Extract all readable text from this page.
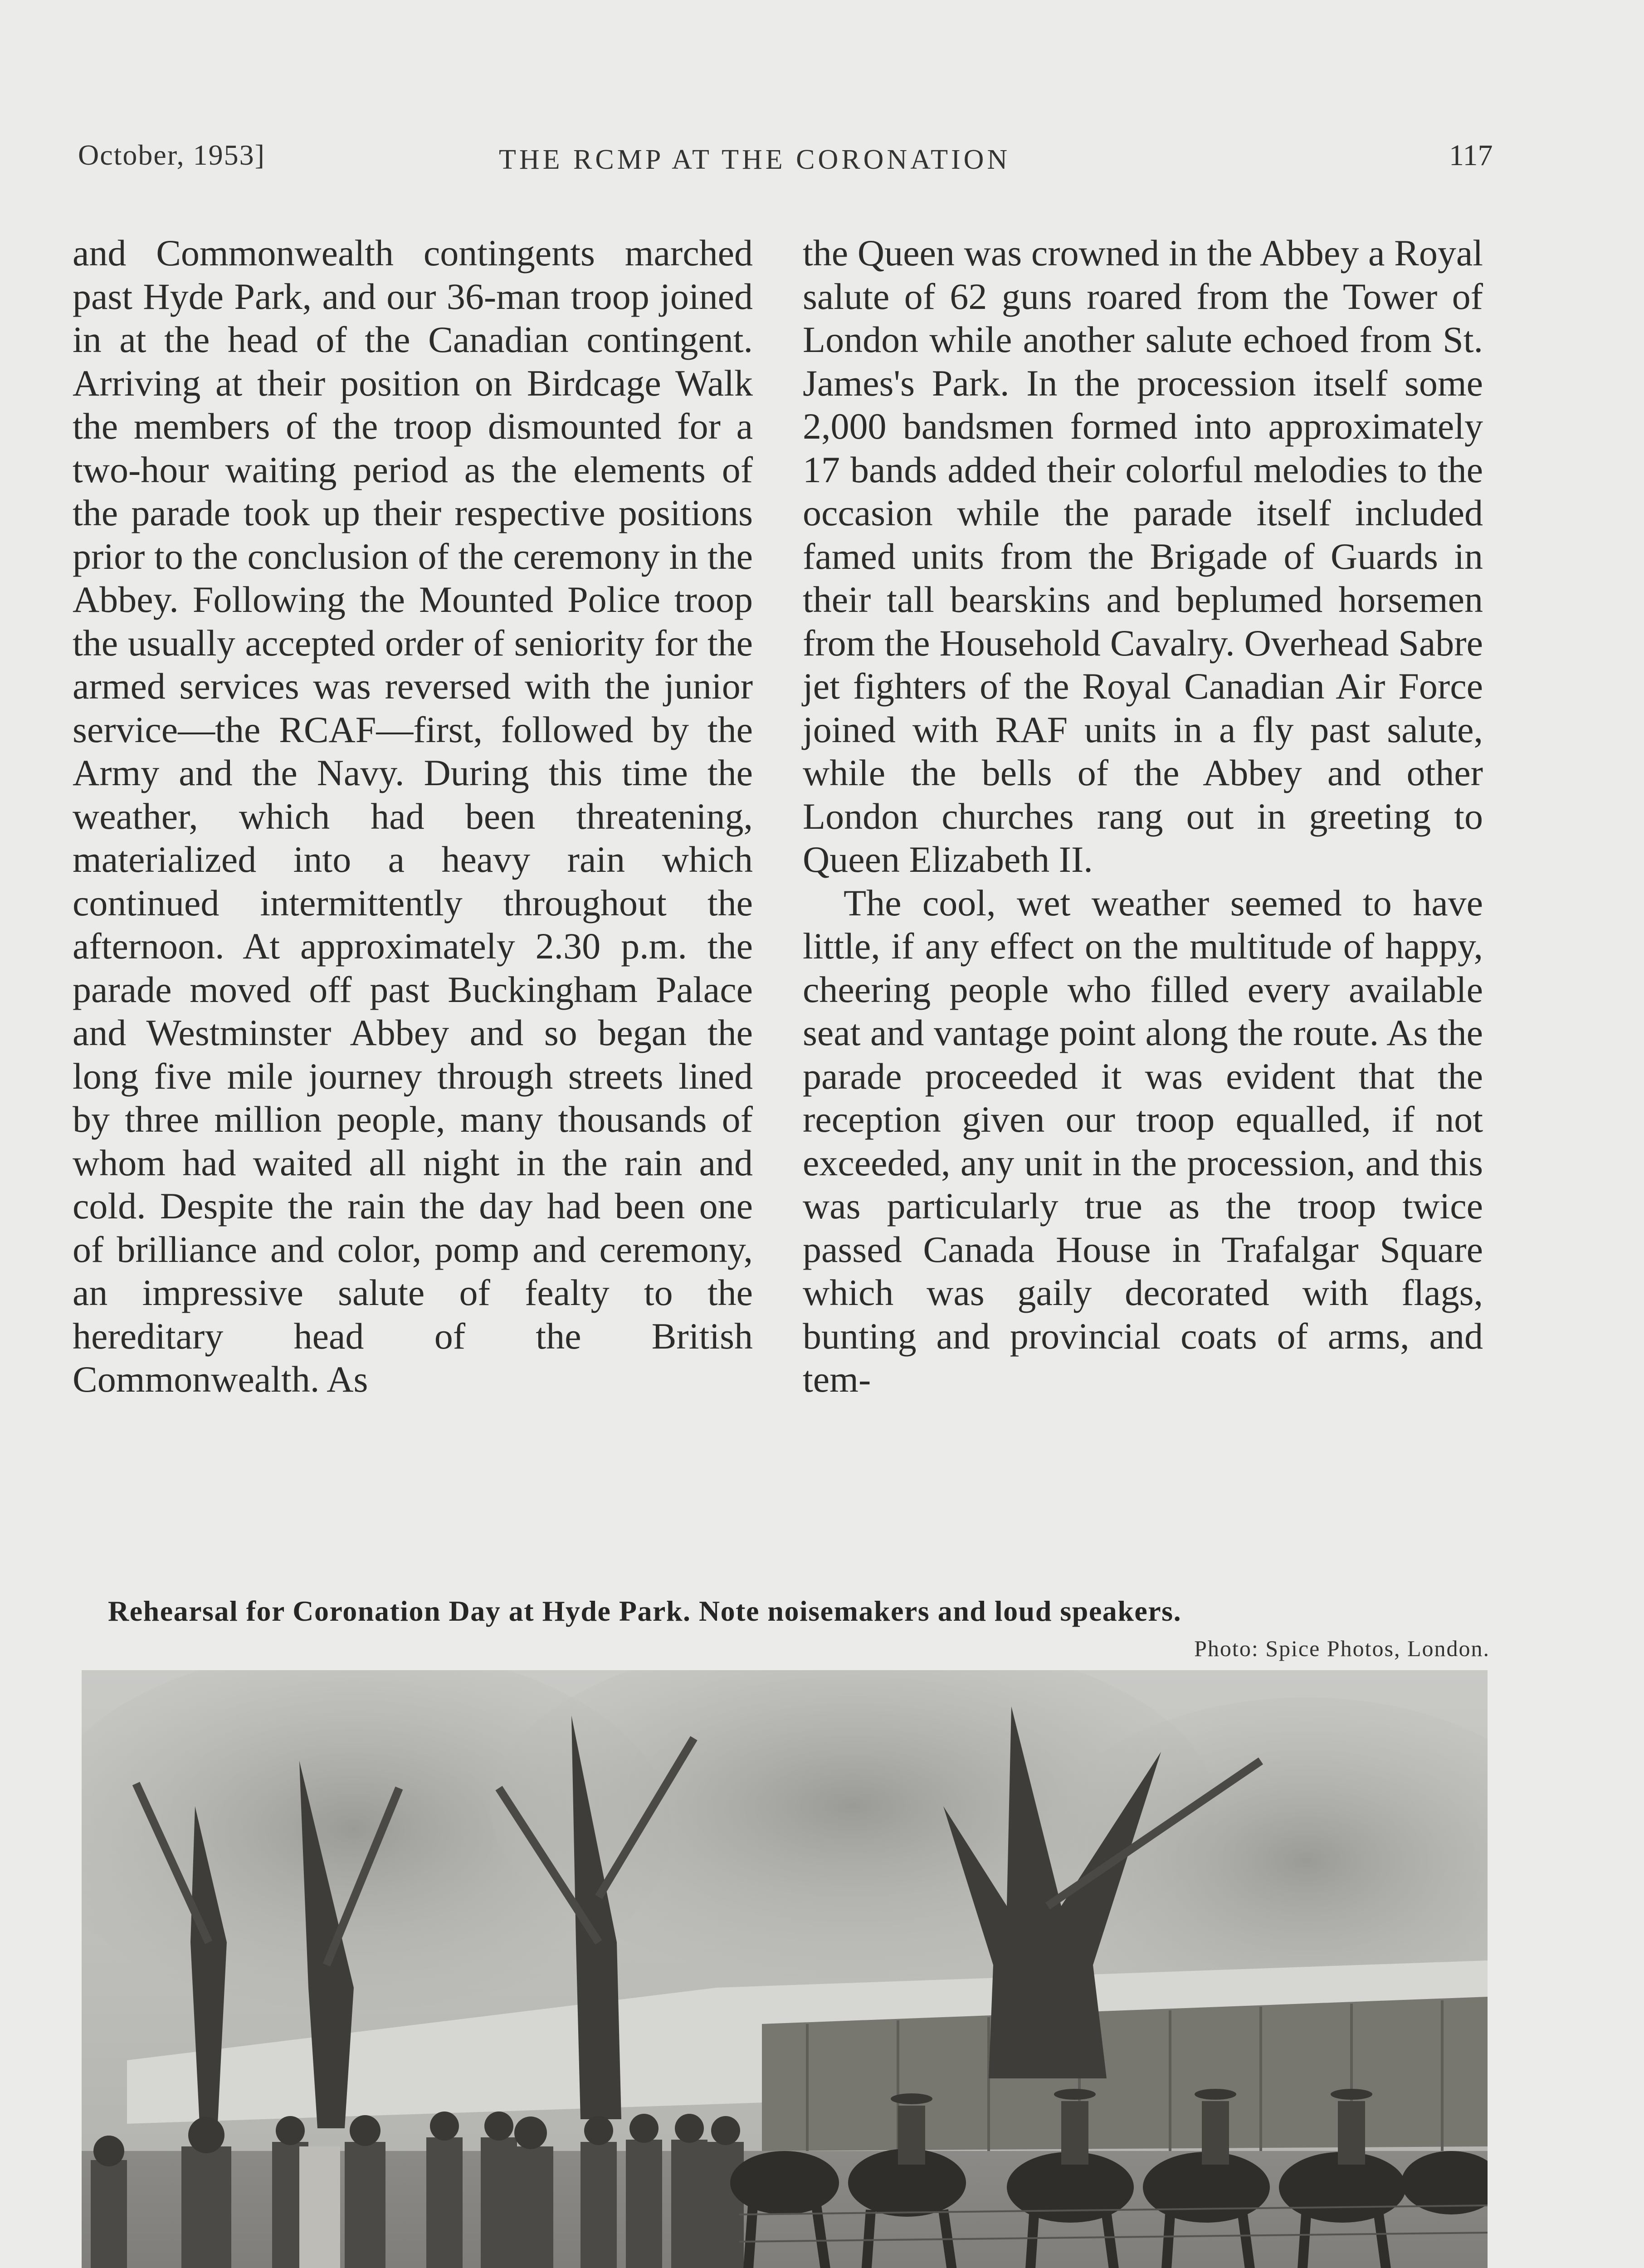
October, 1953]	THE RCMP AT THE CORONATION	117

and Commonwealth contingents marched past Hyde Park, and our 36-man troop joined in at the head of the Canadian contingent. Arriving at their position on Birdcage Walk the members of the troop dismounted for a two-hour waiting period as the elements of the parade took up their respective positions prior to the conclusion of the ceremony in the Abbey. Following the Mounted Police troop the usually accepted order of seniority for the armed services was reversed with the junior service—the RCAF—first, followed by the Army and the Navy. During this time the weather, which had been threatening, materialized into a heavy rain which continued intermittently throughout the afternoon. At approximately 2.30 p.m. the parade moved off past Buckingham Palace and Westminster Abbey and so began the long five mile journey through streets lined by three million people, many thousands of whom had waited all night in the rain and cold. Despite the rain the day had been one of brilliance and color, pomp and ceremony, an impressive salute of fealty to the hereditary head of the British Commonwealth. As

the Queen was crowned in the Abbey a Royal salute of 62 guns roared from the Tower of London while another salute echoed from St. James's Park. In the procession itself some 2,000 bandsmen formed into approximately 17 bands added their colorful melodies to the occasion while the parade itself included famed units from the Brigade of Guards in their tall bearskins and beplumed horsemen from the Household Cavalry. Overhead Sabre jet fighters of the Royal Canadian Air Force joined with RAF units in a fly past salute, while the bells of the Abbey and other London churches rang out in greeting to Queen Elizabeth II.

The cool, wet weather seemed to have little, if any effect on the multitude of happy, cheering people who filled every available seat and vantage point along the route. As the parade proceeded it was evident that the reception given our troop equalled, if not exceeded, any unit in the procession, and this was particularly true as the troop twice passed Canada House in Trafalgar Square which was gaily decorated with flags, bunting and provincial coats of arms, and tem-

Rehearsal for Coronation Day at Hyde Park. Note noisemakers and loud speakers.
Photo: Spice Photos, London.
